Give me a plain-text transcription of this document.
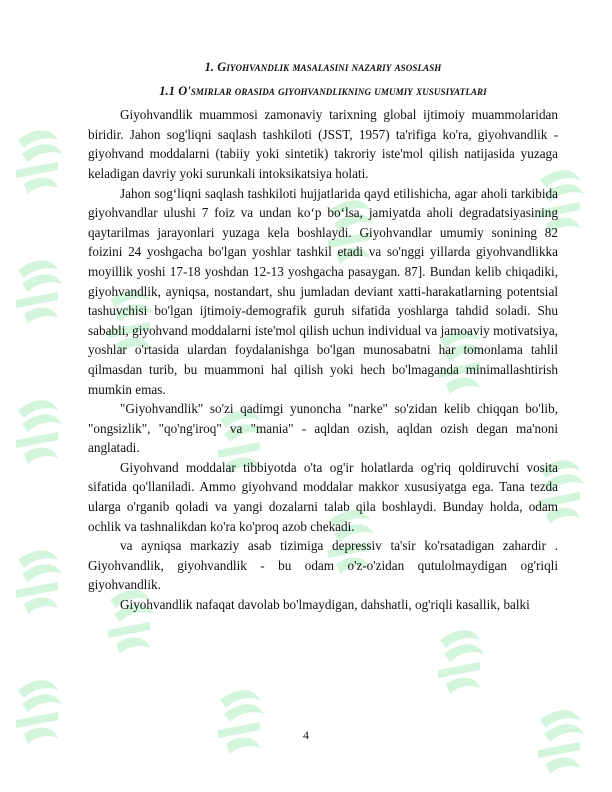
1. Giyohvandlik masalasini nazariy asoslash
1.1 O'smirlar orasida giyohvandlikning umumiy xususiyatlari

Giyohvandlik muammosi zamonaviy tarixning global ijtimoiy muammolaridan biridir. Jahon sog'liqni saqlash tashkiloti (JSST, 1957) ta'rifiga ko'ra, giyohvandlik - giyohvand moddalarni (tabiiy yoki sintetik) takroriy iste'mol qilish natijasida yuzaga keladigan davriy yoki surunkali intoksikatsiya holati.

Jahon sog‘liqni saqlash tashkiloti hujjatlarida qayd etilishicha, agar aholi tarkibida giyohvandlar ulushi 7 foiz va undan ko‘p bo‘lsa, jamiyatda aholi degradatsiyasining qaytarilmas jarayonlari yuzaga kela boshlaydi. Giyohvandlar umumiy sonining 82 foizini 24 yoshgacha bo'lgan yoshlar tashkil etadi va so'nggi yillarda giyohvandlikka moyillik yoshi 17-18 yoshdan 12-13 yoshgacha pasaygan. 87]. Bundan kelib chiqadiki, giyohvandlik, ayniqsa, nostandart, shu jumladan deviant xatti-harakatlarning potentsial tashuvchisi bo'lgan ijtimoiy-demografik guruh sifatida yoshlarga tahdid soladi. Shu sababli, giyohvand moddalarni iste'mol qilish uchun individual va jamoaviy motivatsiya, yoshlar o'rtasida ulardan foydalanishga bo'lgan munosabatni har tomonlama tahlil qilmasdan turib, bu muammoni hal qilish yoki hech bo'lmaganda minimallashtirish mumkin emas.

"Giyohvandlik" so'zi qadimgi yunoncha "narke" so'zidan kelib chiqqan bo'lib, "ongsizlik", "qo'ng'iroq" va "mania" - aqldan ozish, aqldan ozish degan ma'noni anglatadi.

Giyohvand moddalar tibbiyotda o'ta og'ir holatlarda og'riq qoldiruvchi vosita sifatida qo'llaniladi. Ammo giyohvand moddalar makkor xususiyatga ega. Tana tezda ularga o'rganib qoladi va yangi dozalarni talab qila boshlaydi. Bunday holda, odam ochlik va tashnalikdan ko'ra ko'proq azob chekadi.

va ayniqsa markaziy asab tizimiga depressiv ta'sir ko'rsatadigan zahardir . Giyohvandlik, giyohvandlik - bu odam o'z-o'zidan qutulolmaydigan og'riqli giyohvandlik.

Giyohvandlik nafaqat davolab bo'lmaydigan, dahshatli, og'riqli kasallik, balki

4
